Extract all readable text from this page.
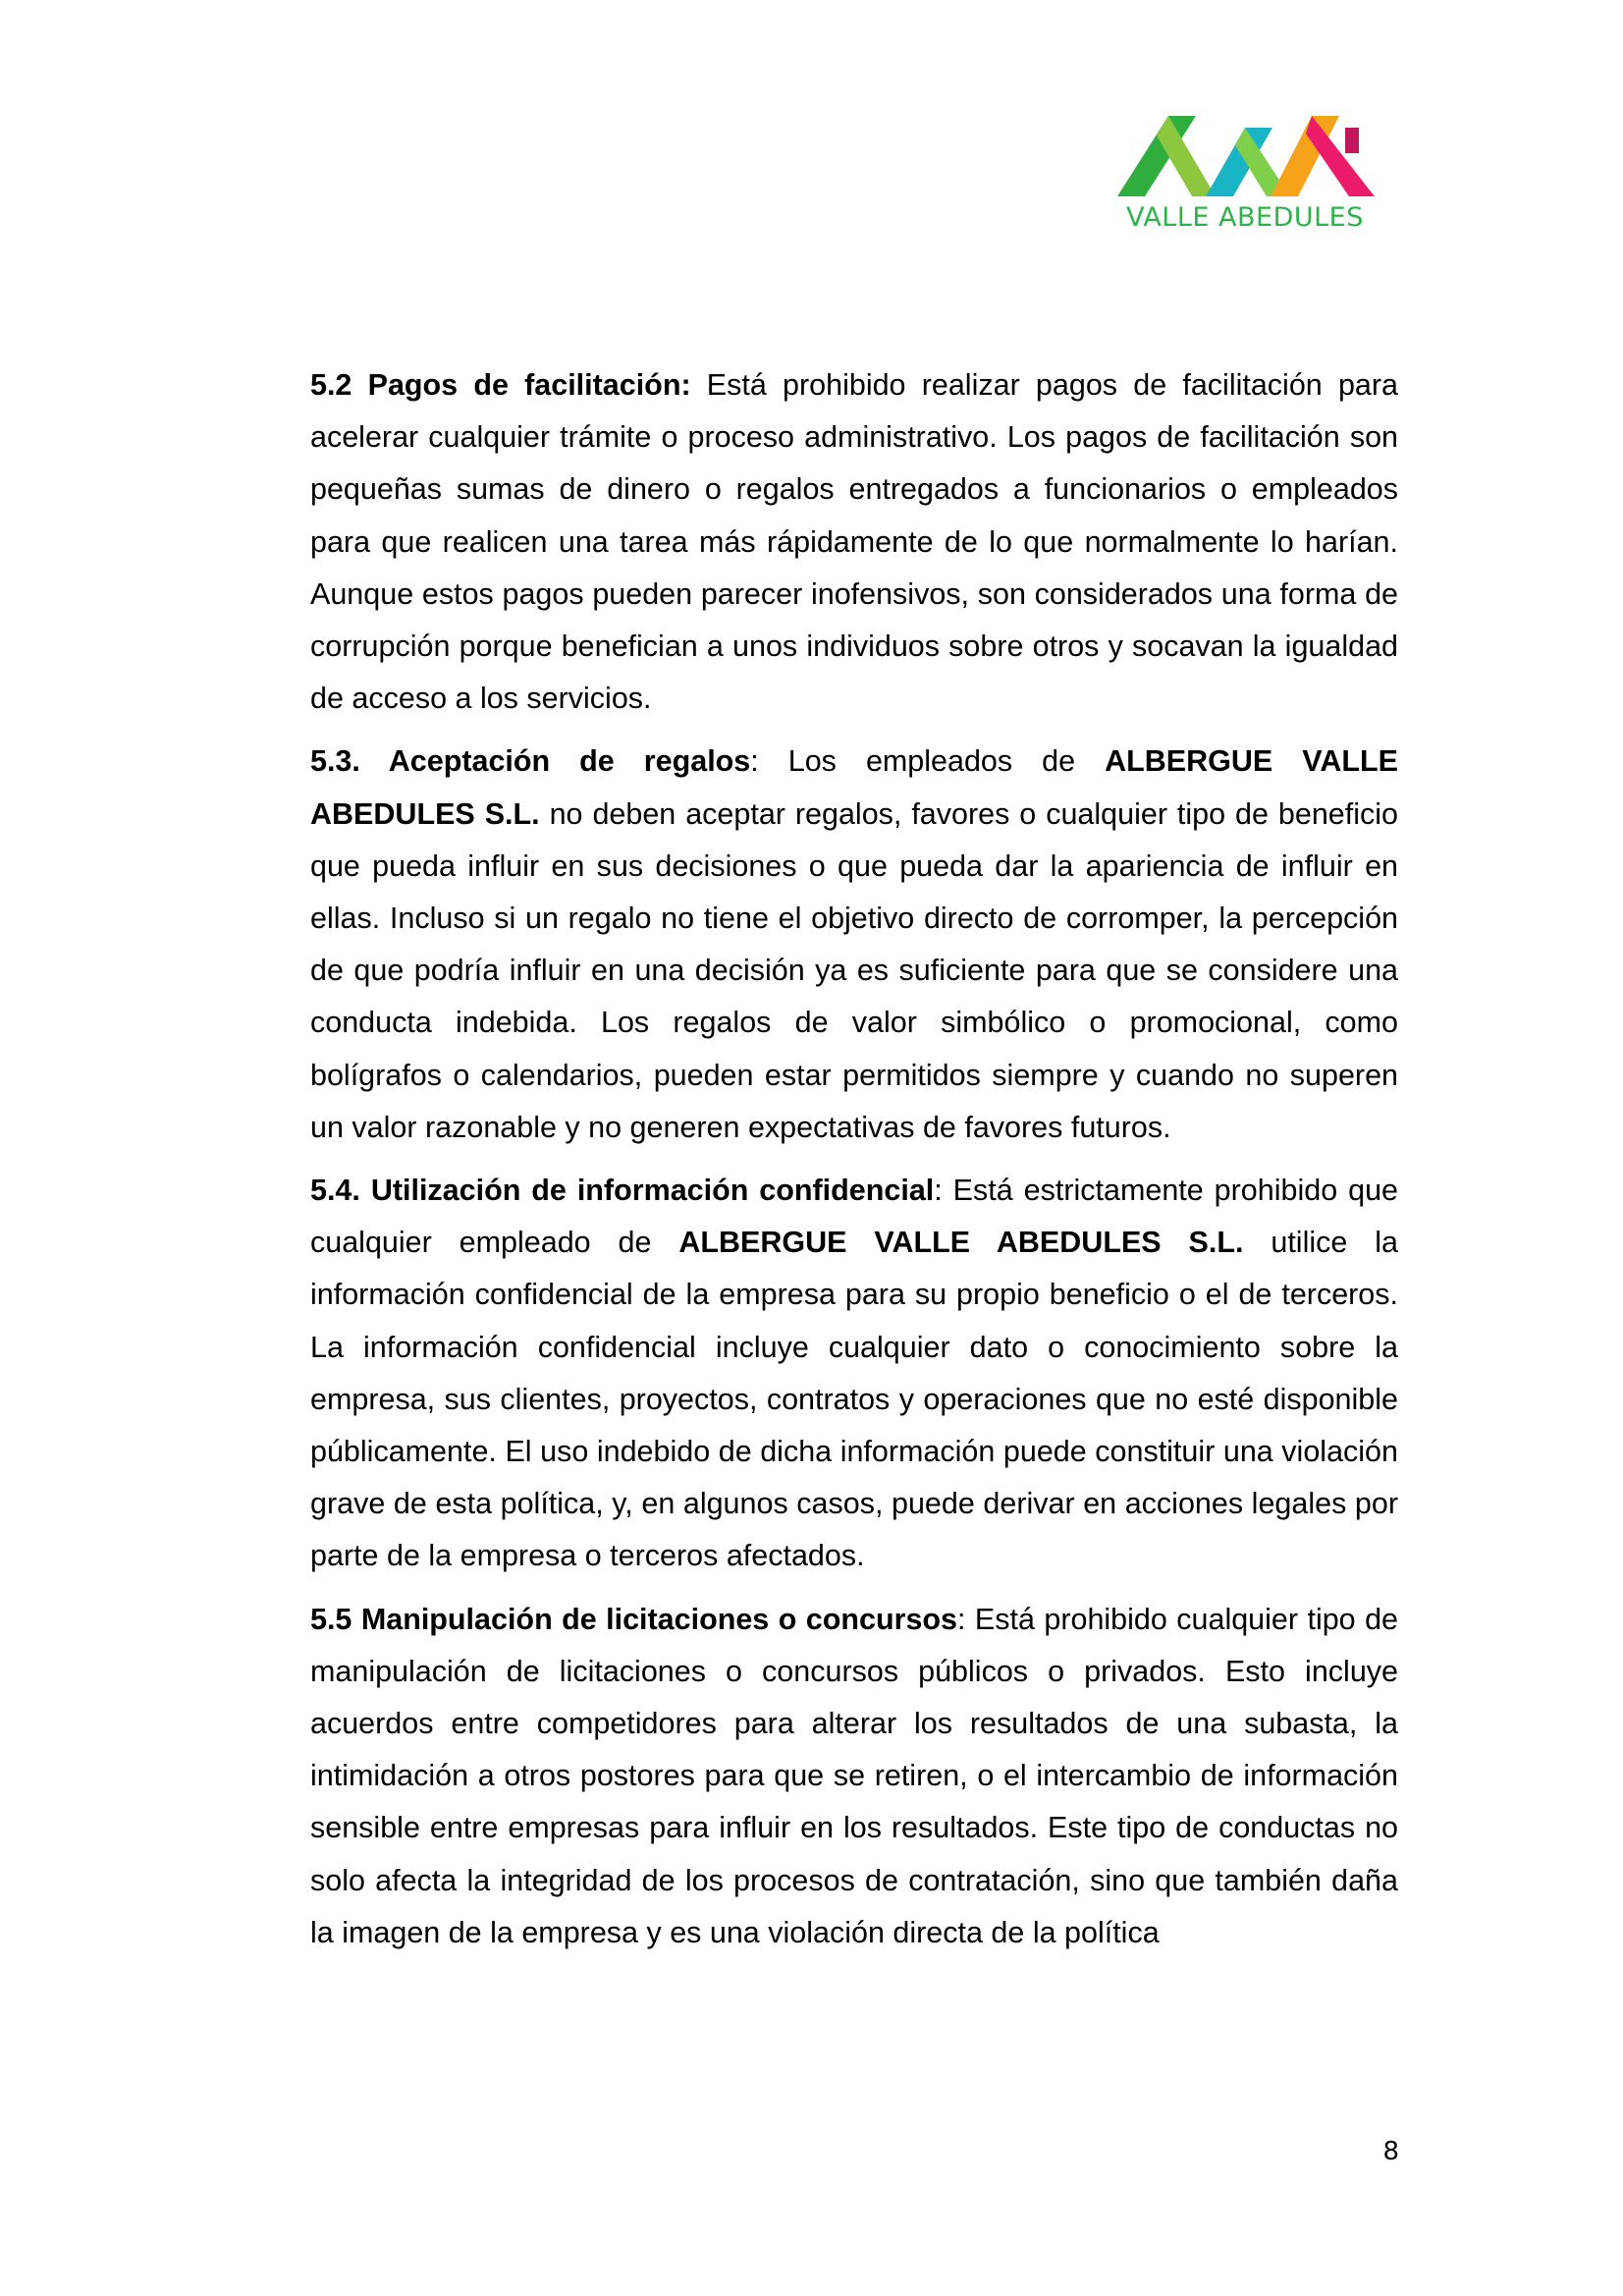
VALLE ABEDULES

5.2 Pagos de facilitación: Está prohibido realizar pagos de facilitación para acelerar cualquier trámite o proceso administrativo. Los pagos de facilitación son pequeñas sumas de dinero o regalos entregados a funcionarios o empleados para que realicen una tarea más rápidamente de lo que normalmente lo harían. Aunque estos pagos pueden parecer inofensivos, son considerados una forma de corrupción porque benefician a unos individuos sobre otros y socavan la igualdad de acceso a los servicios.

5.3. Aceptación de regalos: Los empleados de ALBERGUE VALLE ABEDULES S.L. no deben aceptar regalos, favores o cualquier tipo de beneficio que pueda influir en sus decisiones o que pueda dar la apariencia de influir en ellas. Incluso si un regalo no tiene el objetivo directo de corromper, la percepción de que podría influir en una decisión ya es suficiente para que se considere una conducta indebida. Los regalos de valor simbólico o promocional, como bolígrafos o calendarios, pueden estar permitidos siempre y cuando no superen un valor razonable y no generen expectativas de favores futuros.

5.4. Utilización de información confidencial: Está estrictamente prohibido que cualquier empleado de ALBERGUE VALLE ABEDULES S.L. utilice la información confidencial de la empresa para su propio beneficio o el de terceros. La información confidencial incluye cualquier dato o conocimiento sobre la empresa, sus clientes, proyectos, contratos y operaciones que no esté disponible públicamente. El uso indebido de dicha información puede constituir una violación grave de esta política, y, en algunos casos, puede derivar en acciones legales por parte de la empresa o terceros afectados.

5.5 Manipulación de licitaciones o concursos: Está prohibido cualquier tipo de manipulación de licitaciones o concursos públicos o privados. Esto incluye acuerdos entre competidores para alterar los resultados de una subasta, la intimidación a otros postores para que se retiren, o el intercambio de información sensible entre empresas para influir en los resultados. Este tipo de conductas no solo afecta la integridad de los procesos de contratación, sino que también daña la imagen de la empresa y es una violación directa de la política

8
